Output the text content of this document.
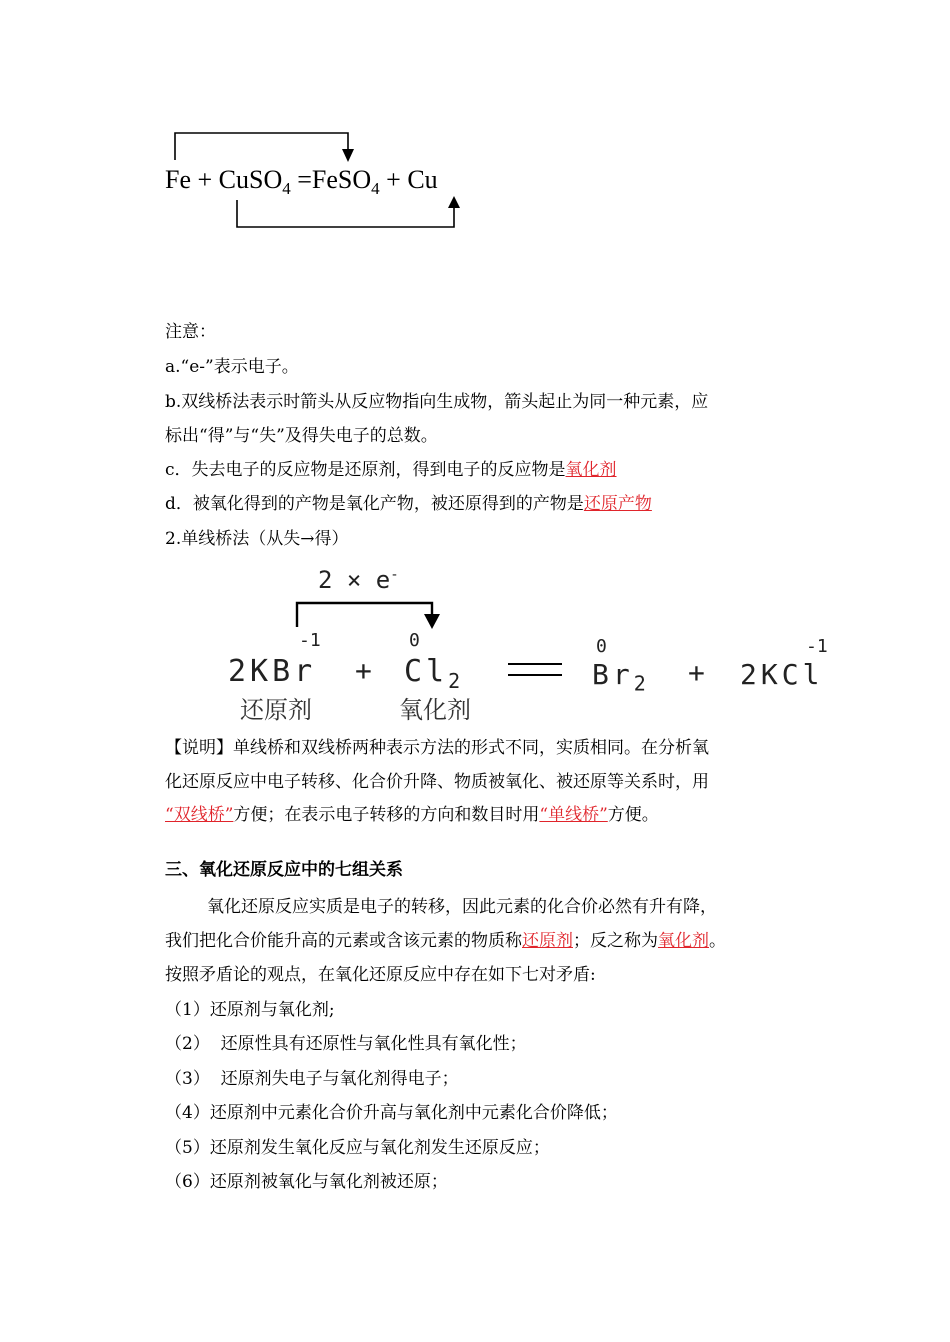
Fe + CuSO$_4$ =FeSO$_4$ + Cu
注意：
a.“e-”表示电子。
b.双线桥法表示时箭头从反应物指向生成物，箭头起止为同一种元素，应
标出“得”与“失”及得失电子的总数。
c．失去电子的反应物是还原剂，得到电子的反应物是氧化剂
d．被氧化得到的产物是氧化产物，被还原得到的产物是还原产物
2.单线桥法（从失→得）
2 × e-
-1	0	0	-1
$2KBr + Cl_2$	$Br_2 + 2KCl$
还原剂	氧化剂
【说明】单线桥和双线桥两种表示方法的形式不同，实质相同。在分析氧
化还原反应中电子转移、化合价升降、物质被氧化、被还原等关系时，用
“双线桥”方便；在表示电子转移的方向和数目时用“单线桥”方便。
三、氧化还原反应中的七组关系
氧化还原反应实质是电子的转移，因此元素的化合价必然有升有降，
我们把化合价能升高的元素或含该元素的物质称还原剂；反之称为氧化剂。
按照矛盾论的观点，在氧化还原反应中存在如下七对矛盾:
（1）还原剂与氧化剂;
（2）  还原性具有还原性与氧化性具有氧化性；
（3）  还原剂失电子与氧化剂得电子；
（4）还原剂中元素化合价升高与氧化剂中元素化合价降低；
（5）还原剂发生氧化反应与氧化剂发生还原反应；
（6）还原剂被氧化与氧化剂被还原；
